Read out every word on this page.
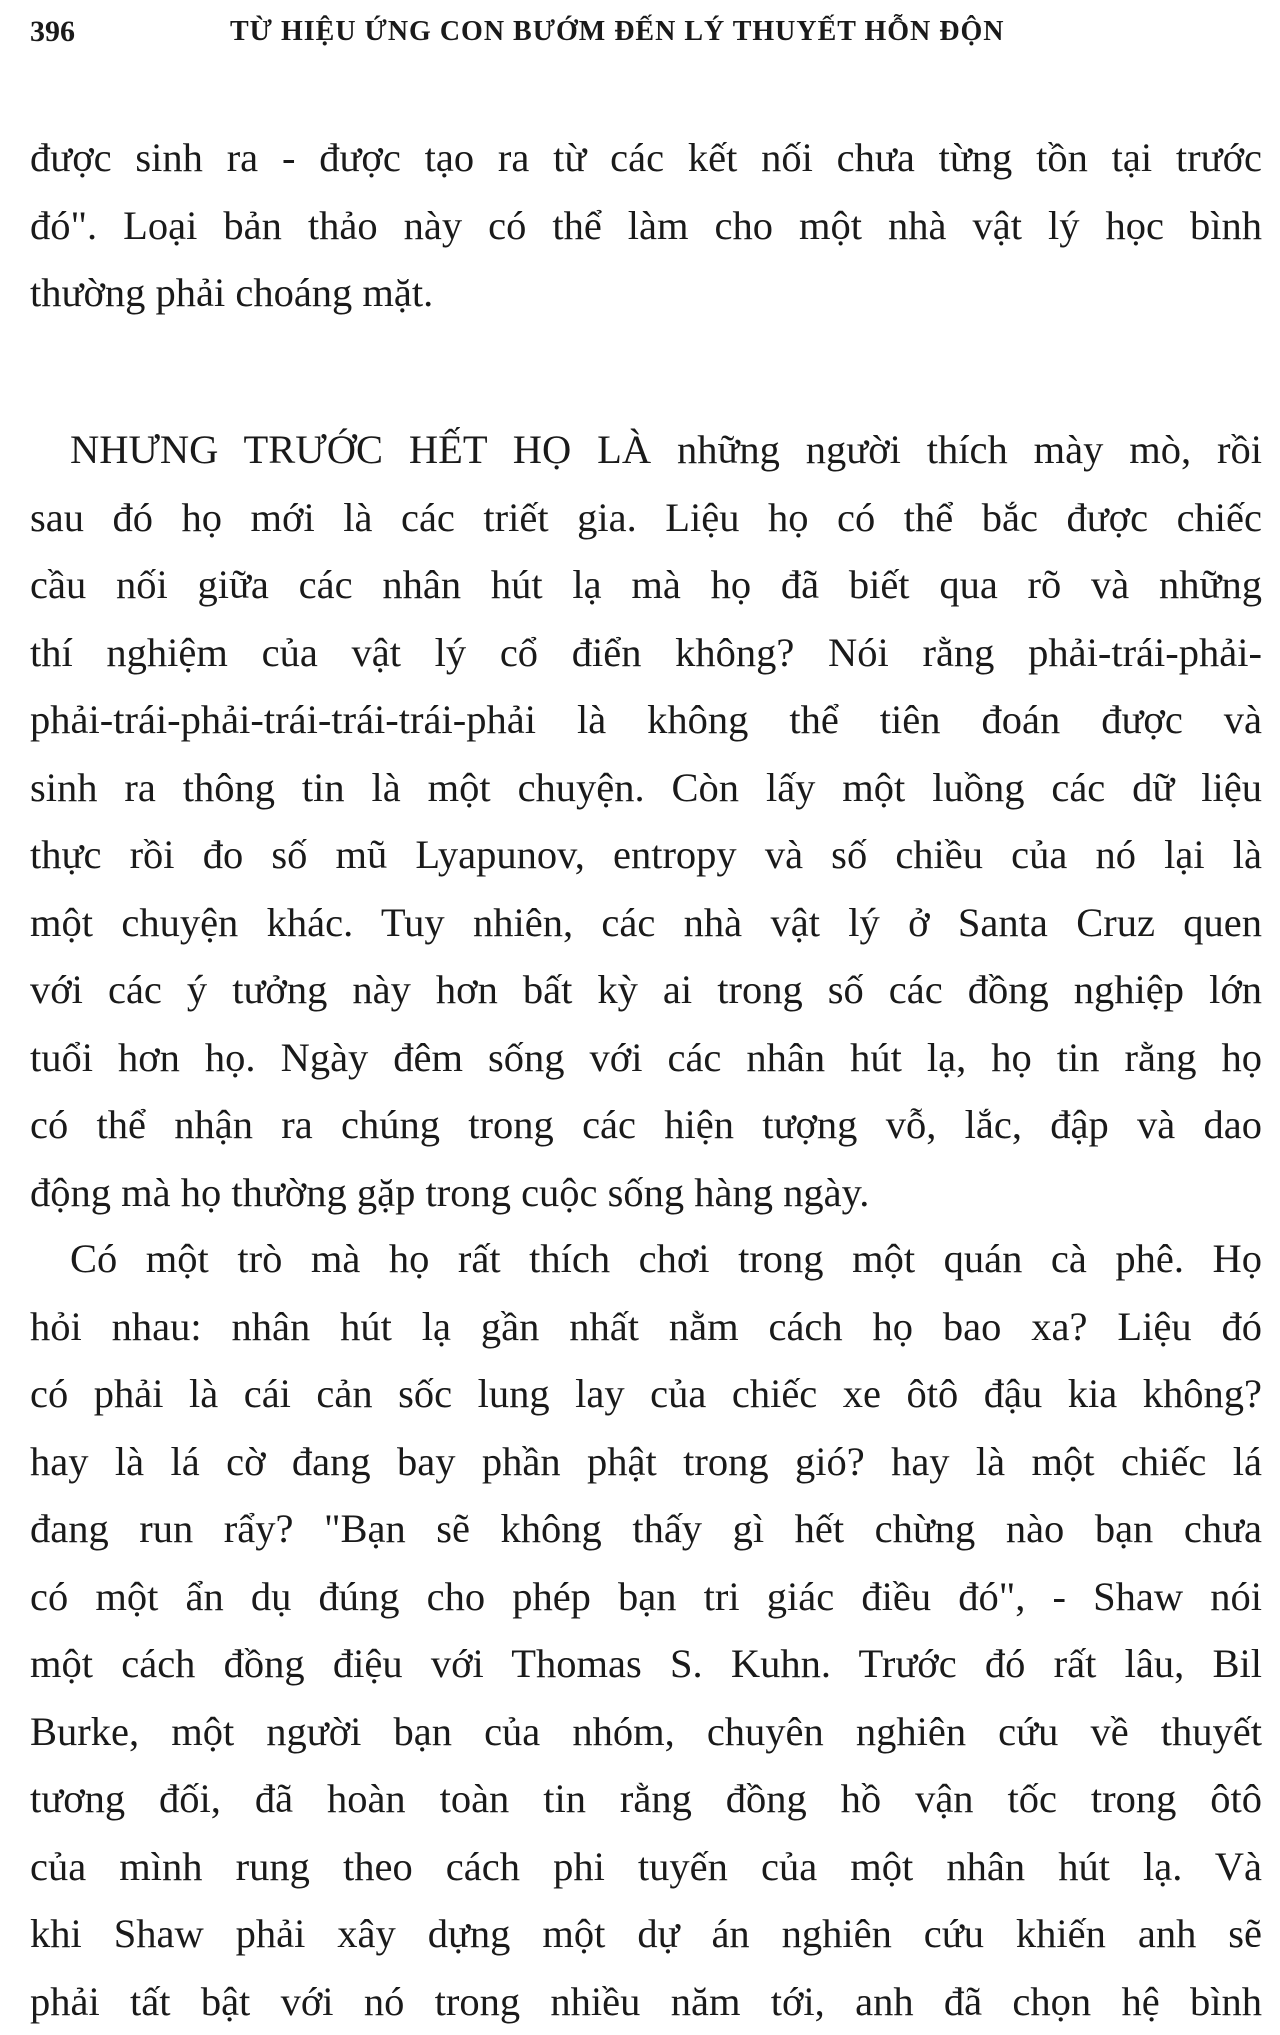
396	TỪ HIỆU ỨNG CON BƯỚM ĐẾN LÝ THUYẾT HỖN ĐỘN
được sinh ra - được tạo ra từ các kết nối chưa từng tồn tại trước
đó". Loại bản thảo này có thể làm cho một nhà vật lý học bình
thường phải choáng mặt.
NHƯNG TRƯỚC HẾT HỌ LÀ những người thích mày mò, rồi
sau đó họ mới là các triết gia. Liệu họ có thể bắc được chiếc
cầu nối giữa các nhân hút lạ mà họ đã biết qua rõ và những
thí nghiệm của vật lý cổ điển không? Nói rằng phải-trái-phải-
phải-trái-phải-trái-trái-trái-phải là không thể tiên đoán được và
sinh ra thông tin là một chuyện. Còn lấy một luồng các dữ liệu
thực rồi đo số mũ Lyapunov, entropy và số chiều của nó lại là
một chuyện khác. Tuy nhiên, các nhà vật lý ở Santa Cruz quen
với các ý tưởng này hơn bất kỳ ai trong số các đồng nghiệp lớn
tuổi hơn họ. Ngày đêm sống với các nhân hút lạ, họ tin rằng họ
có thể nhận ra chúng trong các hiện tượng vỗ, lắc, đập và dao
động mà họ thường gặp trong cuộc sống hàng ngày.
Có một trò mà họ rất thích chơi trong một quán cà phê. Họ
hỏi nhau: nhân hút lạ gần nhất nằm cách họ bao xa? Liệu đó
có phải là cái cản sốc lung lay của chiếc xe ôtô đậu kia không?
hay là lá cờ đang bay phần phật trong gió? hay là một chiếc lá
đang run rẩy? "Bạn sẽ không thấy gì hết chừng nào bạn chưa
có một ẩn dụ đúng cho phép bạn tri giác điều đó", - Shaw nói
một cách đồng điệu với Thomas S. Kuhn. Trước đó rất lâu, Bil
Burke, một người bạn của nhóm, chuyên nghiên cứu về thuyết
tương đối, đã hoàn toàn tin rằng đồng hồ vận tốc trong ôtô
của mình rung theo cách phi tuyến của một nhân hút lạ. Và
khi Shaw phải xây dựng một dự án nghiên cứu khiến anh sẽ
phải tất bật với nó trong nhiều năm tới, anh đã chọn hệ bình
